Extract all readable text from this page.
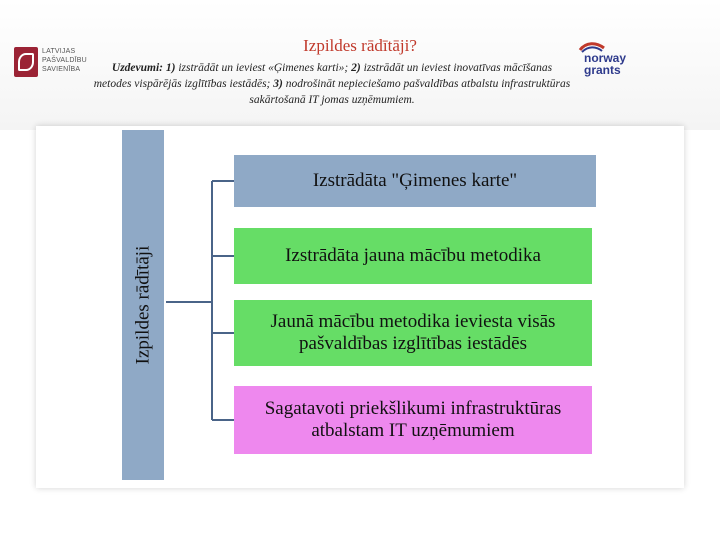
Izpildes rādītāji?
LATVIJAS
PAŠVALDĪBU
SAVIENĪBA
norway
grants
Uzdevumi: 1) izstrādāt un ieviest «Ģimenes karti»; 2) izstrādāt un ieviest inovatīvas mācīšanas metodes vispārējās izglītības iestādēs; 3) nodrošināt nepieciešamo pašvaldības atbalstu infrastruktūras sakārtošanā IT jomas uzņēmumiem.
Izpildes rādītāji
Izstrādāta "Ģimenes karte"
Izstrādāta jauna mācību metodika
Jaunā mācību metodika ieviesta visās pašvaldības izglītības iestādēs
Sagatavoti priekšlikumi infrastruktūras atbalstam IT uzņēmumiem
